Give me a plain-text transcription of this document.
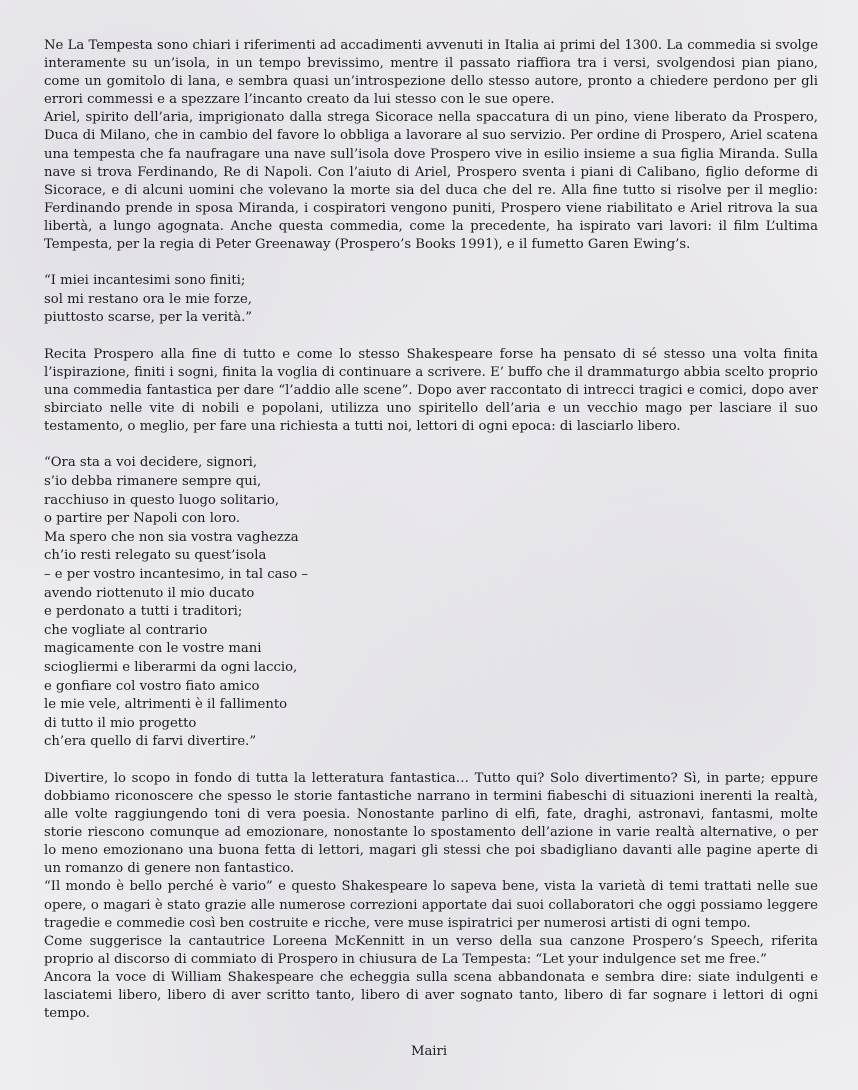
Ne La Tempesta sono chiari i riferimenti ad accadimenti avvenuti in Italia ai primi del 1300. La commedia si svolge interamente su un’isola, in un tempo brevissimo, mentre il passato riaffiora tra i versi, svolgendosi pian piano, come un gomitolo di lana, e sembra quasi un’introspezione dello stesso autore, pronto a chiedere perdono per gli errori commessi e a spezzare l’incanto creato da lui stesso con le sue opere.

Ariel, spirito dell’aria, imprigionato dalla strega Sicorace nella spaccatura di un pino, viene liberato da Prospero, Duca di Milano, che in cambio del favore lo obbliga a lavorare al suo servizio. Per ordine di Prospero, Ariel scatena una tempesta che fa naufragare una nave sull’isola dove Prospero vive in esilio insieme a sua figlia Miranda. Sulla nave si trova Ferdinando, Re di Napoli. Con l’aiuto di Ariel, Prospero sventa i piani di Calibano, figlio deforme di Sicorace, e di alcuni uomini che volevano la morte sia del duca che del re. Alla fine tutto si risolve per il meglio: Ferdinando prende in sposa Miranda, i cospiratori vengono puniti, Prospero viene riabilitato e Ariel ritrova la sua libertà, a lungo agognata. Anche questa commedia, come la precedente, ha ispirato vari lavori: il film L’ultima Tempesta, per la regia di Peter Greenaway (Prospero’s Books 1991), e il fumetto Garen Ewing’s.

“I miei incantesimi sono finiti;
sol mi restano ora le mie forze,
piuttosto scarse, per la verità.”

Recita Prospero alla fine di tutto e come lo stesso Shakespeare forse ha pensato di sé stesso una volta finita l’ispirazione, finiti i sogni, finita la voglia di continuare a scrivere. E’ buffo che il drammaturgo abbia scelto proprio una commedia fantastica per dare “l’addio alle scene”. Dopo aver raccontato di intrecci tragici e comici, dopo aver sbirciato nelle vite di nobili e popolani, utilizza uno spiritello dell’aria e un vecchio mago per lasciare il suo testamento, o meglio, per fare una richiesta a tutti noi, lettori di ogni epoca: di lasciarlo libero.

“Ora sta a voi decidere, signori,
s’io debba rimanere sempre qui,
racchiuso in questo luogo solitario,
o partire per Napoli con loro.
Ma spero che non sia vostra vaghezza
ch’io resti relegato su quest’isola
– e per vostro incantesimo, in tal caso –
avendo riottenuto il mio ducato
e perdonato a tutti i traditori;
che vogliate al contrario
magicamente con le vostre mani
sciogliermi e liberarmi da ogni laccio,
e gonfiare col vostro fiato amico
le mie vele, altrimenti è il fallimento
di tutto il mio progetto
ch’era quello di farvi divertire.”

Divertire, lo scopo in fondo di tutta la letteratura fantastica… Tutto qui? Solo divertimento? Sì, in parte; eppure dobbiamo riconoscere che spesso le storie fantastiche narrano in termini fiabeschi di situazioni inerenti la realtà, alle volte raggiungendo toni di vera poesia. Nonostante parlino di elfi, fate, draghi, astronavi, fantasmi, molte storie riescono comunque ad emozionare, nonostante lo spostamento dell’azione in varie realtà alternative, o per lo meno emozionano una buona fetta di lettori, magari gli stessi che poi sbadigliano davanti alle pagine aperte di un romanzo di genere non fantastico.

“Il mondo è bello perché è vario” e questo Shakespeare lo sapeva bene, vista la varietà di temi trattati nelle sue opere, o magari è stato grazie alle numerose correzioni apportate dai suoi collaboratori che oggi possiamo leggere tragedie e commedie così ben costruite e ricche, vere muse ispiratrici per numerosi artisti di ogni tempo.

Come suggerisce la cantautrice Loreena McKennitt in un verso della sua canzone Prospero’s Speech, riferita proprio al discorso di commiato di Prospero in chiusura de La Tempesta: “Let your indulgence set me free.”

Ancora la voce di William Shakespeare che echeggia sulla scena abbandonata e sembra dire: siate indulgenti e lasciatemi libero, libero di aver scritto tanto, libero di aver sognato tanto, libero di far sognare i lettori di ogni tempo.

Mairi
